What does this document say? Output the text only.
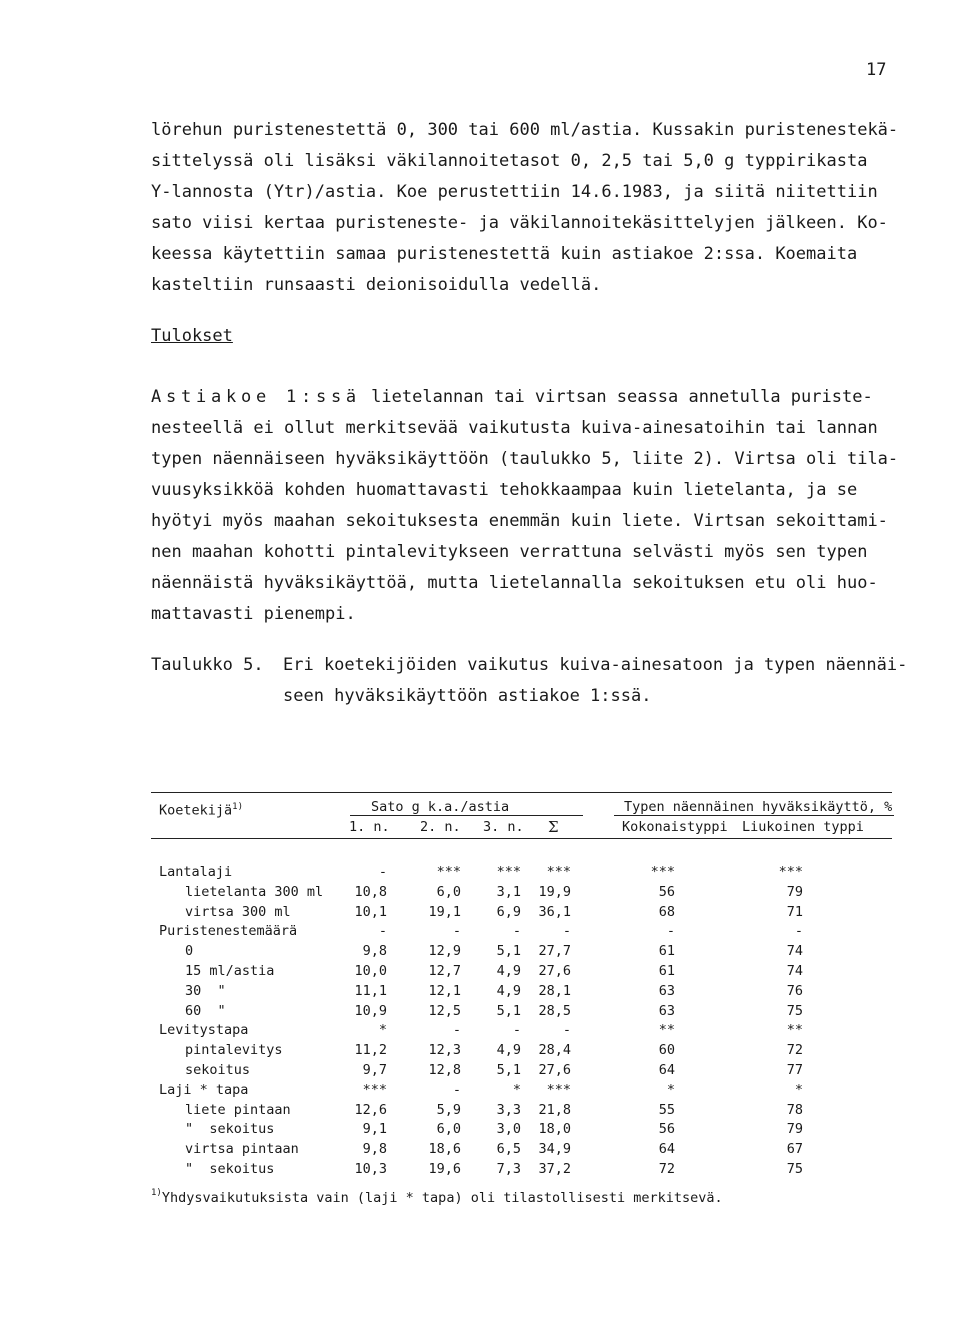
17
lörehun puristenestettä 0, 300 tai 600 ml/astia. Kussakin puristenestekä-
sittelyssä oli lisäksi väkilannoitetasot 0, 2,5 tai 5,0 g typpirikasta
Y-lannosta (Ytr)/astia. Koe perustettiin 14.6.1983, ja siitä niitettiin
sato viisi kertaa puristeneste- ja väkilannoitekäsittelyjen jälkeen. Ko-
keessa käytettiin samaa puristenestettä kuin astiakoe 2:ssa. Koemaita
kasteltiin runsaasti deionisoidulla vedellä.
Tulokset
Astiakoe 1:ssä lietelannan tai virtsan seassa annetulla puriste-
nesteellä ei ollut merkitsevää vaikutusta kuiva-ainesatoihin tai lannan
typen näennäiseen hyväksikäyttöön (taulukko 5, liite 2). Virtsa oli tila-
vuusyksikköä kohden huomattavasti tehokkaampaa kuin lietelanta, ja se
hyötyi myös maahan sekoituksesta enemmän kuin liete. Virtsan sekoittami-
nen maahan kohotti pintalevitykseen verrattuna selvästi myös sen typen
näennäistä hyväksikäyttöä, mutta lietelannalla sekoituksen etu oli huo-
mattavasti pienempi.
Taulukko 5. Eri koetekijöiden vaikutus kuiva-ainesatoon ja typen näennäi-
seen hyväksikäyttöön astiakoe 1:ssä.
Koetekijä$^{1)}$	Sato g k.a./astia	Typen näennäinen hyväksikäyttö, %
1. n. 2. n. 3. n. Σ	Kokonaistyppi Liukoinen typpi
Lantalaji	-	***	***	***	***	***
lietelanta 300 ml	10,8	6,0	3,1	19,9	56	79
virtsa 300 ml	10,1	19,1	6,9	36,1	68	71
Puristenestemäärä	-	-	-	-	-	-
0	9,8	12,9	5,1	27,7	61	74
15 ml/astia	10,0	12,7	4,9	27,6	61	74
30  "	11,1	12,1	4,9	28,1	63	76
60  "	10,9	12,5	5,1	28,5	63	75
Levitystapa	*	-	-	-	**	**
pintalevitys	11,2	12,3	4,9	28,4	60	72
sekoitus	9,7	12,8	5,1	27,6	64	77
Laji * tapa	***	-	*	***	*	*
liete pintaan	12,6	5,9	3,3	21,8	55	78
"  sekoitus	9,1	6,0	3,0	18,0	56	79
virtsa pintaan	9,8	18,6	6,5	34,9	64	67
"  sekoitus	10,3	19,6	7,3	37,2	72	75
$^{1)}$Yhdysvaikutuksista vain (laji * tapa) oli tilastollisesti merkitsevä.
